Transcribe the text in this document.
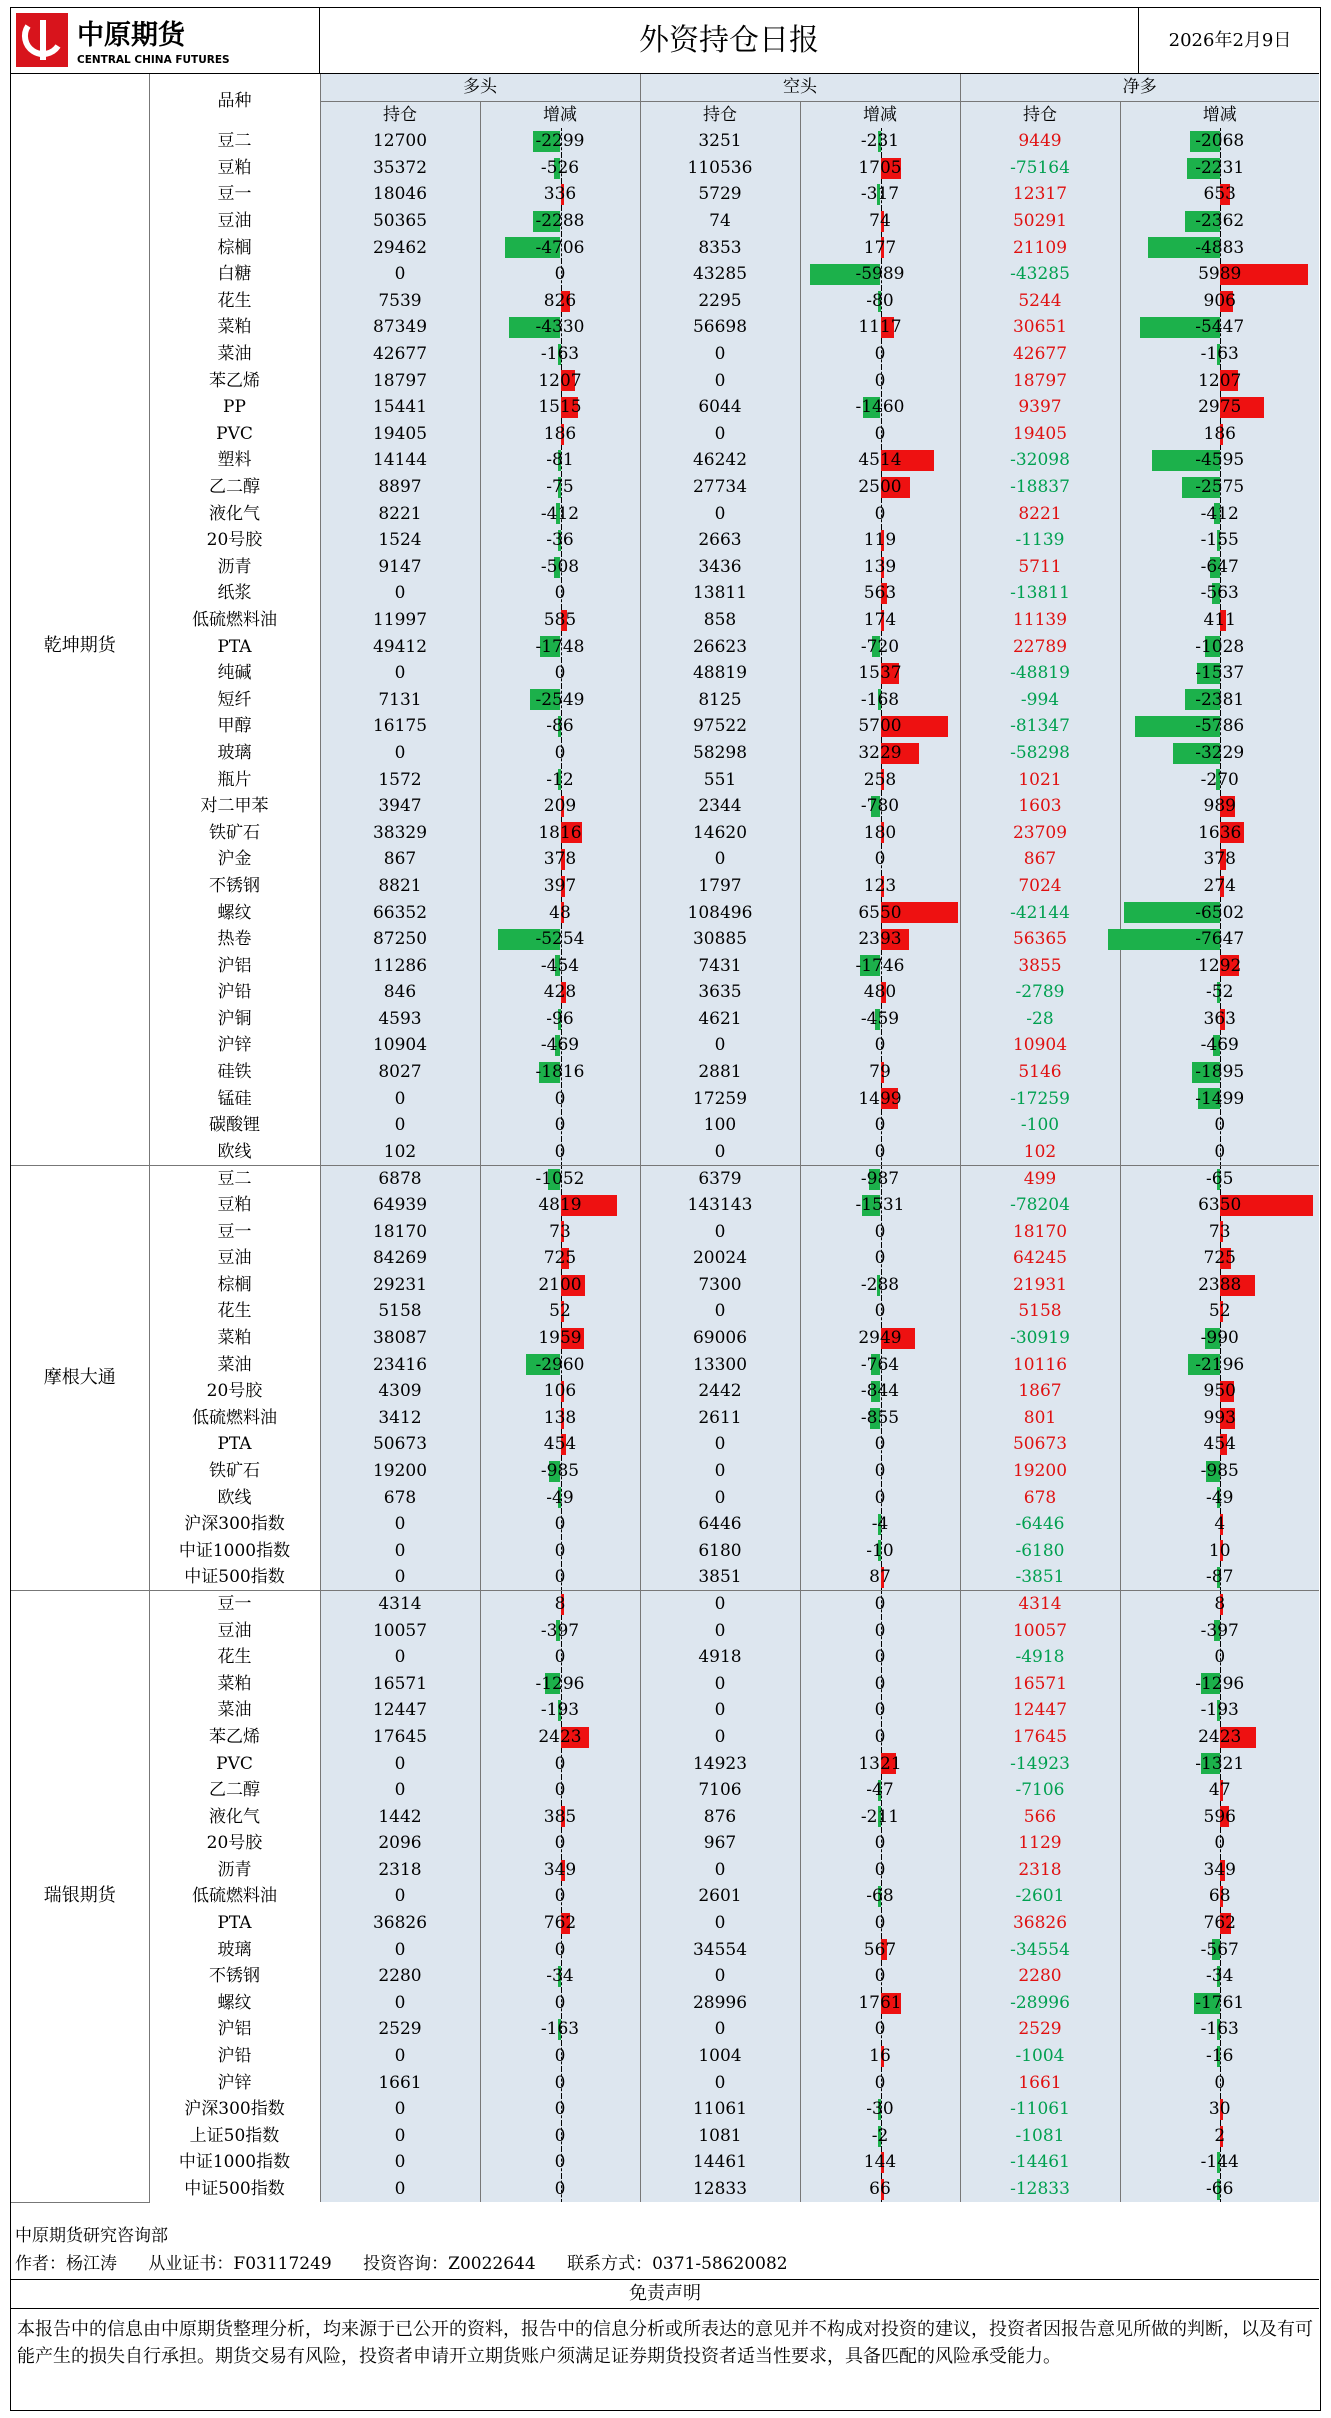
中原期货
CENTRAL CHINA FUTURES
外资持仓日报	2026年2月9日
	品种	多头		空头		净多	
		持仓	增减	持仓	增减	持仓	增减
乾坤期货	豆二	12700	-2299	3251	-231	9449	-2068
	豆粕	35372	-526	110536	1705	-75164	-2231
	豆一	18046	336	5729	-317	12317	653
	豆油	50365	-2288	74	74	50291	-2362
	棕榈	29462	-4706	8353	177	21109	-4883
	白糖	0	0	43285	-5989	-43285	5989
	花生	7539	826	2295	-80	5244	906
	菜粕	87349	-4330	56698	1117	30651	-5447
	菜油	42677	-163	0	0	42677	-163
	苯乙烯	18797	1207	0	0	18797	1207
	PP	15441	1515	6044	-1460	9397	2975
	PVC	19405	186	0	0	19405	186
	塑料	14144	-81	46242	4514	-32098	-4595
	乙二醇	8897	-75	27734	2500	-18837	-2575
	液化气	8221	-412	0	0	8221	-412
	20号胶	1524	-36	2663	119	-1139	-155
	沥青	9147	-508	3436	139	5711	-647
	纸浆	0	0	13811	563	-13811	-563
	低硫燃料油	11997	585	858	174	11139	411
	PTA	49412	-1748	26623	-720	22789	-1028
	纯碱	0	0	48819	1537	-48819	-1537
	短纤	7131	-2549	8125	-168	-994	-2381
	甲醇	16175	-86	97522	5700	-81347	-5786
	玻璃	0	0	58298	3229	-58298	-3229
	瓶片	1572	-12	551	258	1021	-270
	对二甲苯	3947	209	2344	-780	1603	989
	铁矿石	38329	1816	14620	180	23709	1636
	沪金	867	378	0	0	867	378
	不锈钢	8821	397	1797	123	7024	274
	螺纹	66352	48	108496	6550	-42144	-6502
	热卷	87250	-5254	30885	2393	56365	-7647
	沪铝	11286	-454	7431	-1746	3855	1292
	沪铅	846	428	3635	480	-2789	-52
	沪铜	4593	-96	4621	-459	-28	363
	沪锌	10904	-469	0	0	10904	-469
	硅铁	8027	-1816	2881	79	5146	-1895
	锰硅	0	0	17259	1499	-17259	-1499
	碳酸锂	0	0	100	0	-100	0
	欧线	102	0	0	0	102	0
摩根大通	豆二	6878	-1052	6379	-987	499	-65
	豆粕	64939	4819	143143	-1531	-78204	6350
	豆一	18170	73	0	0	18170	73
	豆油	84269	725	20024	0	64245	725
	棕榈	29231	2100	7300	-288	21931	2388
	花生	5158	52	0	0	5158	52
	菜粕	38087	1959	69006	2949	-30919	-990
	菜油	23416	-2960	13300	-764	10116	-2196
	20号胶	4309	106	2442	-844	1867	950
	低硫燃料油	3412	138	2611	-855	801	993
	PTA	50673	454	0	0	50673	454
	铁矿石	19200	-985	0	0	19200	-985
	欧线	678	-49	0	0	678	-49
	沪深300指数	0	0	6446	-4	-6446	4
	中证1000指数	0	0	6180	-10	-6180	10
	中证500指数	0	0	3851	87	-3851	-87
瑞银期货	豆一	4314	8	0	0	4314	8
	豆油	10057	-397	0	0	10057	-397
	花生	0	0	4918	0	-4918	0
	菜粕	16571	-1296	0	0	16571	-1296
	菜油	12447	-193	0	0	12447	-193
	苯乙烯	17645	2423	0	0	17645	2423
	PVC	0	0	14923	1321	-14923	-1321
	乙二醇	0	0	7106	-47	-7106	47
	液化气	1442	385	876	-211	566	596
	20号胶	2096	0	967	0	1129	0
	沥青	2318	349	0	0	2318	349
	低硫燃料油	0	0	2601	-68	-2601	68
	PTA	36826	762	0	0	36826	762
	玻璃	0	0	34554	567	-34554	-567
	不锈钢	2280	-34	0	0	2280	-34
	螺纹	0	0	28996	1761	-28996	-1761
	沪铝	2529	-163	0	0	2529	-163
	沪铅	0	0	1004	16	-1004	-16
	沪锌	1661	0	0	0	1661	0
	沪深300指数	0	0	11061	-30	-11061	30
	上证50指数	0	0	1081	-2	-1081	2
	中证1000指数	0	0	14461	144	-14461	-144
	中证500指数	0	0	12833	66	-12833	-66
中原期货研究咨询部
作者：杨江涛 从业证书：F03117249 投资咨询：Z0022644 联系方式：0371-58620082
免责声明
本报告中的信息由中原期货整理分析，均来源于已公开的资料，报告中的信息分析或所表达的意见并不构成对投资的建议，投资者因报告意见所做的判断，以及有可能产生的损失自行承担。期货交易有风险，投资者申请开立期货账户须满足证券期货投资者适当性要求，具备匹配的风险承受能力。
